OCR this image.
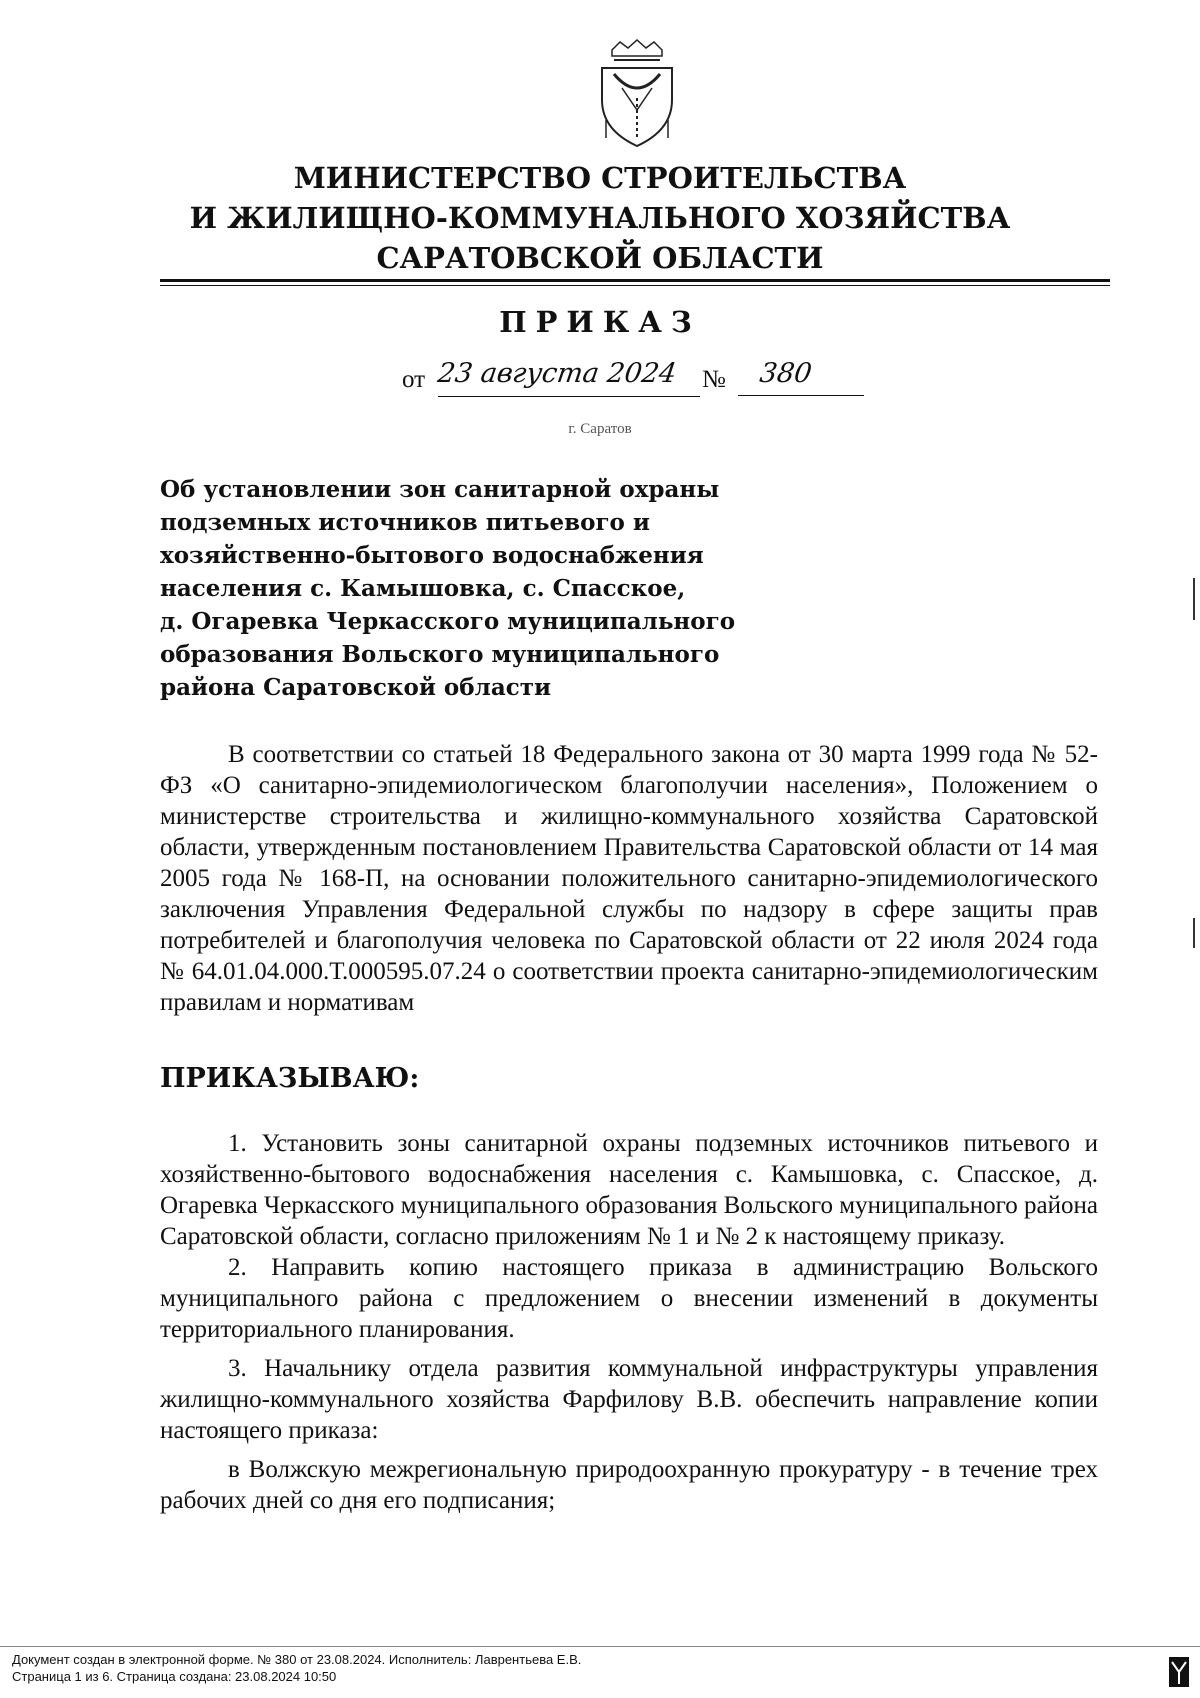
МИНИСТЕРСТВО СТРОИТЕЛЬСТВА
И ЖИЛИЩНО-КОММУНАЛЬНОГО ХОЗЯЙСТВА
САРАТОВСКОЙ ОБЛАСТИ
ПРИКАЗ
от 23 августа 2024 №	380
г. Саратов
Об установлении зон санитарной охраны
подземных источников питьевого и
хозяйственно-бытового водоснабжения
населения с. Камышовка, с. Спасское,
д. Огаревка Черкасского муниципального
образования Вольского муниципального
района Саратовской области

В соответствии со статьей 18 Федерального закона от 30 марта 1999 года № 52-ФЗ «О санитарно-эпидемиологическом благополучии населения», Положением о министерстве строительства и жилищно-коммунального хозяйства Саратовской области, утвержденным постановлением Правительства Саратовской области от 14 мая 2005 года № 168-П, на основании положительного санитарно-эпидемиологического заключения Управления Федеральной службы по надзору в сфере защиты прав потребителей и благополучия человека по Саратовской области от 22 июля 2024 года № 64.01.04.000.Т.000595.07.24 о соответствии проекта санитарно-эпидемиологическим правилам и нормативам

ПРИКАЗЫВАЮ:

1. Установить зоны санитарной охраны подземных источников питьевого и хозяйственно-бытового водоснабжения населения с. Камышовка, с. Спасское, д. Огаревка Черкасского муниципального образования Вольского муниципального района Саратовской области, согласно приложениям № 1 и № 2 к настоящему приказу.

2. Направить копию настоящего приказа в администрацию Вольского муниципального района с предложением о внесении изменений в документы территориального планирования.

3. Начальнику отдела развития коммунальной инфраструктуры управления жилищно-коммунального хозяйства Фарфилову В.В. обеспечить направление копии настоящего приказа:

в Волжскую межрегиональную природоохранную прокуратуру - в течение трех рабочих дней со дня его подписания;

Документ создан в электронной форме. № 380 от 23.08.2024. Исполнитель: Лаврентьева Е.В.
Страница 1 из 6. Страница создана: 23.08.2024 10:50
